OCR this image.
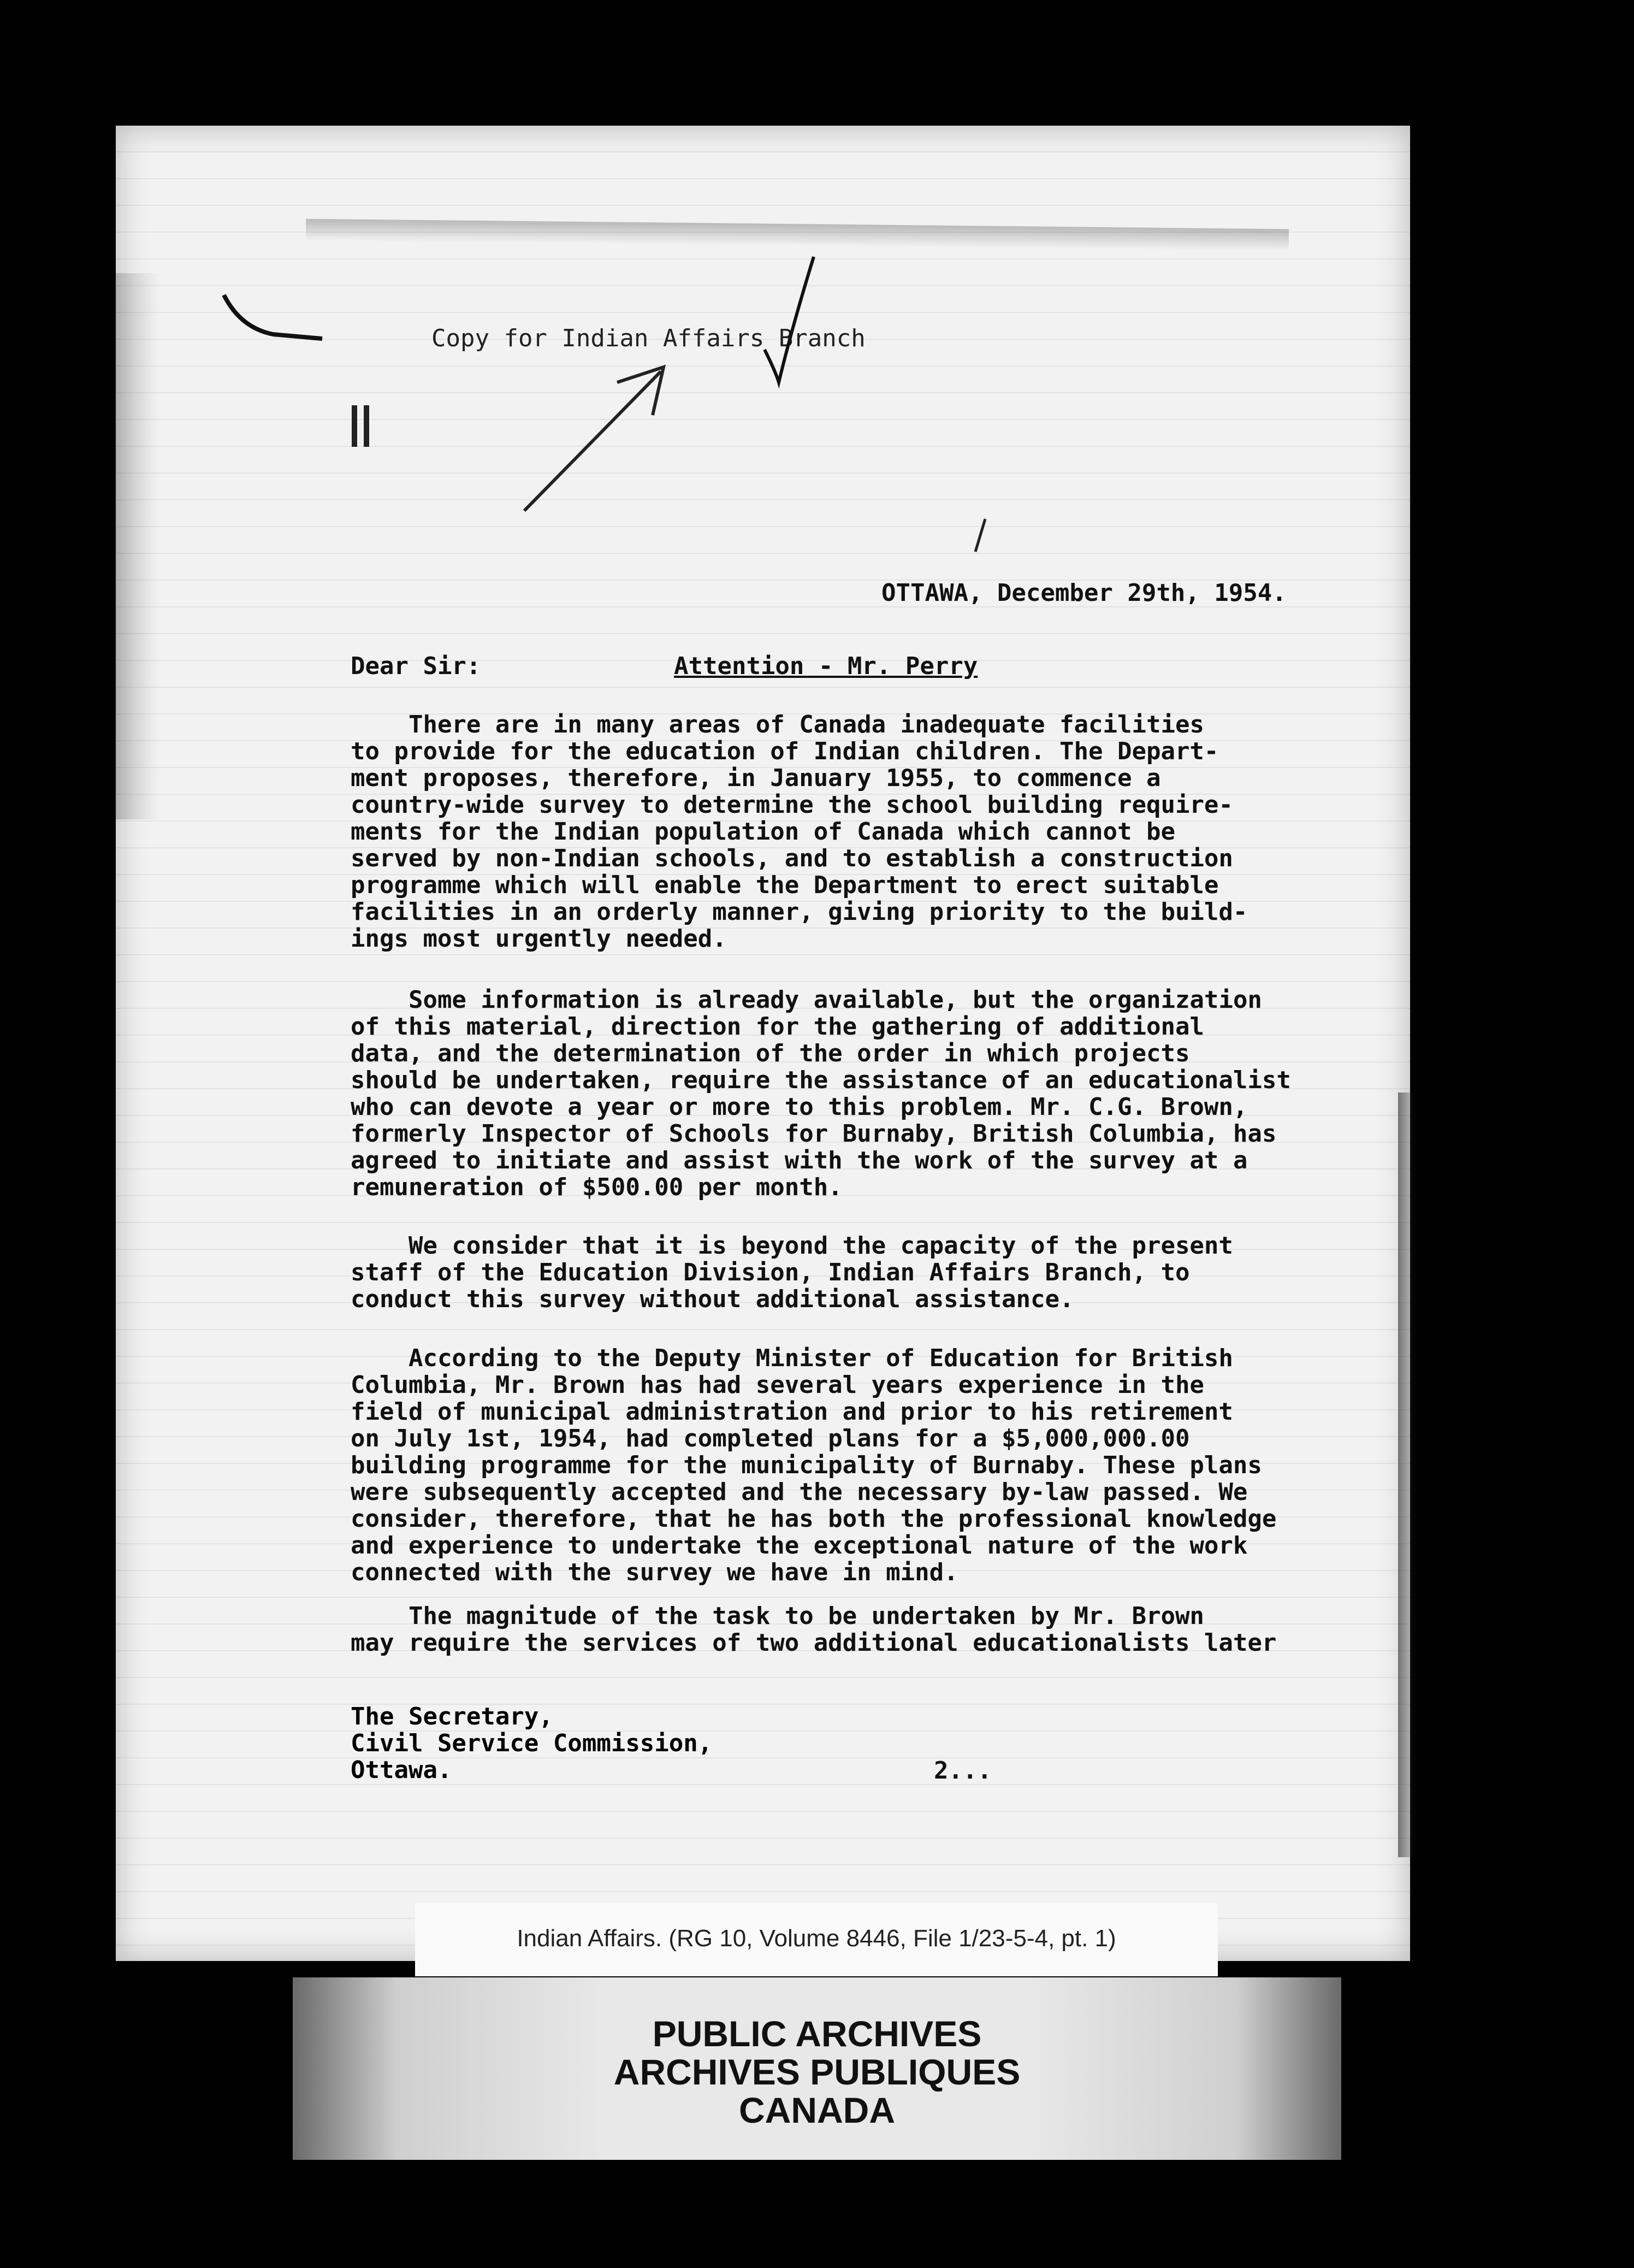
Copy for Indian Affairs Branch
OTTAWA, December 29th, 1954.
Dear Sir:	Attention - Mr. Perry
There are in many areas of Canada inadequate facilities
to provide for the education of Indian children. The Depart-
ment proposes, therefore, in January 1955, to commence a
country-wide survey to determine the school building require-
ments for the Indian population of Canada which cannot be
served by non-Indian schools, and to establish a construction
programme which will enable the Department to erect suitable
facilities in an orderly manner, giving priority to the build-
ings most urgently needed.
Some information is already available, but the organization
of this material, direction for the gathering of additional
data, and the determination of the order in which projects
should be undertaken, require the assistance of an educationalist
who can devote a year or more to this problem. Mr. C.G. Brown,
formerly Inspector of Schools for Burnaby, British Columbia, has
agreed to initiate and assist with the work of the survey at a
remuneration of $500.00 per month.
We consider that it is beyond the capacity of the present
staff of the Education Division, Indian Affairs Branch, to
conduct this survey without additional assistance.
According to the Deputy Minister of Education for British
Columbia, Mr. Brown has had several years experience in the
field of municipal administration and prior to his retirement
on July 1st, 1954, had completed plans for a $5,000,000.00
building programme for the municipality of Burnaby. These plans
were subsequently accepted and the necessary by-law passed. We
consider, therefore, that he has both the professional knowledge
and experience to undertake the exceptional nature of the work
connected with the survey we have in mind.
The magnitude of the task to be undertaken by Mr. Brown
may require the services of two additional educationalists later
The Secretary,
Civil Service Commission,
Ottawa.	2...
Indian Affairs. (RG 10, Volume 8446, File 1/23-5-4, pt. 1)
PUBLIC ARCHIVES
ARCHIVES PUBLIQUES
CANADA
